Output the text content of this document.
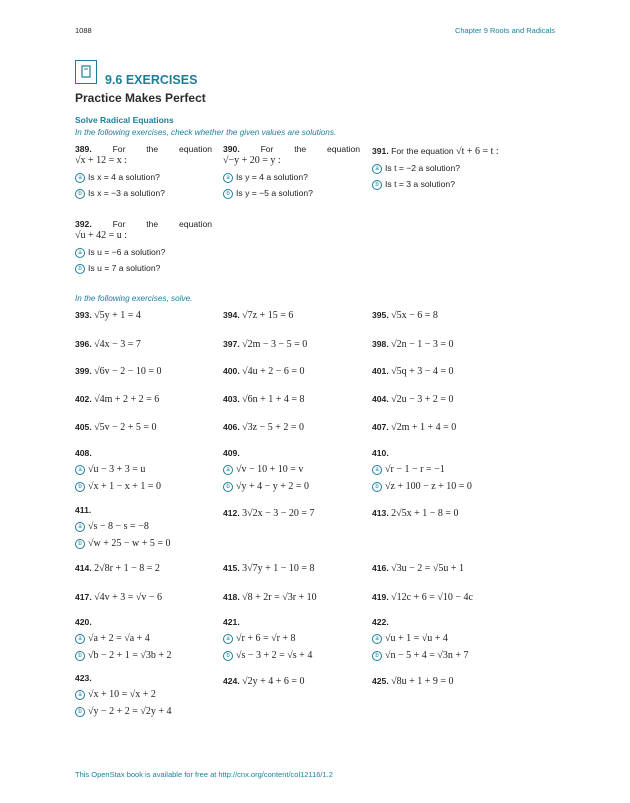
1088	Chapter 9 Roots and Radicals
9.6 EXERCISES
Practice Makes Perfect
Solve Radical Equations
In the following exercises, check whether the given values are solutions.
389. For the equation
√x + 12 = x :
a Is x = 4 a solution?
b Is x = −3 a solution?
390. For the equation
√−y + 20 = y :
a Is y = 4 a solution?
b Is y = −5 a solution?
391. For the equation √t + 6 = t :
a Is t = −2 a solution?
b Is t = 3 a solution?
392. For the equation
√u + 42 = u :
a Is u = −6 a solution?
b Is u = 7 a solution?
In the following exercises, solve.
393. √5y + 1 = 4	394. √7z + 15 = 6	395. √5x − 6 = 8
396. √4x − 3 = 7	397. √2m − 3 − 5 = 0	398. √2n − 1 − 3 = 0
399. √6v − 2 − 10 = 0	400. √4u + 2 − 6 = 0	401. √5q + 3 − 4 = 0
402. √4m + 2 + 2 = 6	403. √6n + 1 + 4 = 8	404. √2u − 3 + 2 = 0
405. √5v − 2 + 5 = 0	406. √3z − 5 + 2 = 0	407. √2m + 1 + 4 = 0
408.
a √u − 3 + 3 = u
b √x + 1 − x + 1 = 0
409.
a √v − 10 + 10 = v
b √y + 4 − y + 2 = 0
410.
a √r − 1 − r = −1
b √z + 100 − z + 10 = 0
411.
a √s − 8 − s = −8
b √w + 25 − w + 5 = 0
412. 3√2x − 3 − 20 = 7	413. 2√5x + 1 − 8 = 0
414. 2√8r + 1 − 8 = 2	415. 3√7y + 1 − 10 = 8	416. √3u − 2 = √5u + 1
417. √4v + 3 = √v − 6	418. √8 + 2r = √3r + 10	419. √12c + 6 = √10 − 4c
420.
a √a + 2 = √a + 4
b √b − 2 + 1 = √3b + 2
421.
a √r + 6 = √r + 8
b √s − 3 + 2 = √s + 4
422.
a √u + 1 = √u + 4
b √n − 5 + 4 = √3n + 7
423.
a √x + 10 = √x + 2
b √y − 2 + 2 = √2y + 4
424. √2y + 4 + 6 = 0	425. √8u + 1 + 9 = 0
This OpenStax book is available for free at http://cnx.org/content/col12116/1.2
